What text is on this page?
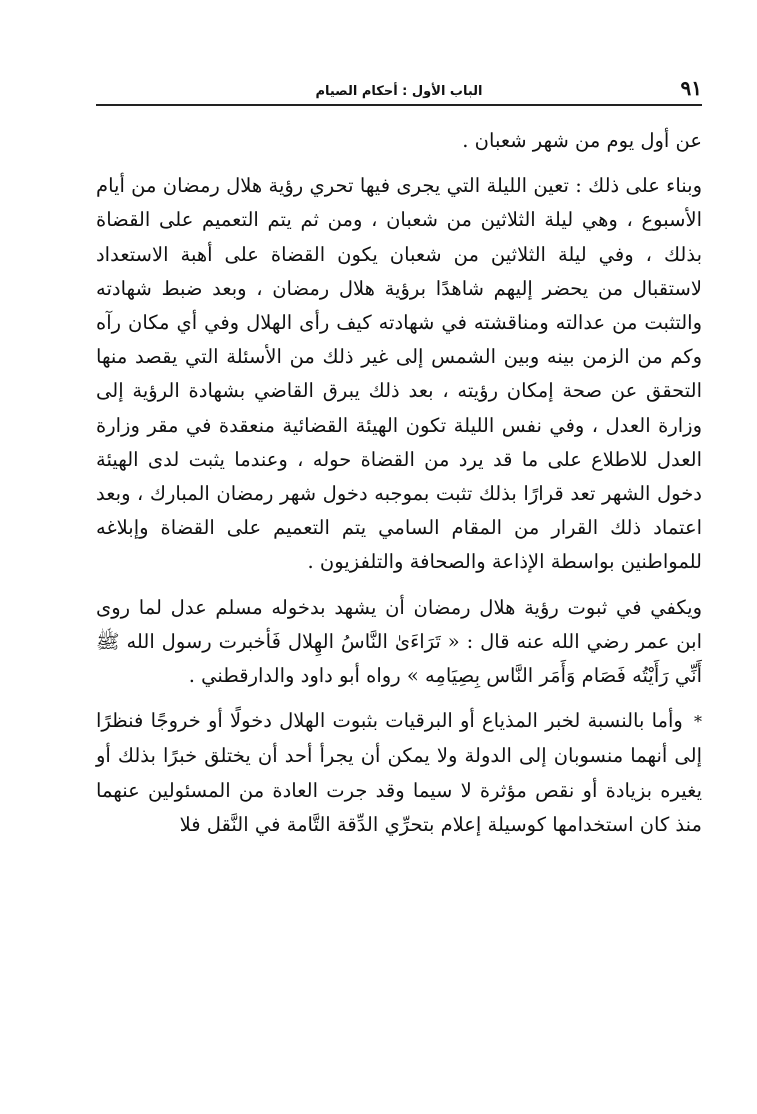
الباب الأول : أحكام الصيام	٩١

عن أول يوم من شهر شعبان .

وبناء على ذلك : تعين الليلة التي يجرى فيها تحري رؤية هلال رمضان من أيام الأسبوع ، وهي ليلة الثلاثين من شعبان ، ومن ثم يتم التعميم على القضاة بذلك ، وفي ليلة الثلاثين من شعبان يكون القضاة على أهبة الاستعداد لاستقبال من يحضر إليهم شاهدًا برؤية هلال رمضان ، وبعد ضبط شهادته والتثبت من عدالته ومناقشته في شهادته كيف رأى الهلال وفي أي مكان رآه وكم من الزمن بينه وبين الشمس إلى غير ذلك من الأسئلة التي يقصد منها التحقق عن صحة إمكان رؤيته ، بعد ذلك يبرق القاضي بشهادة الرؤية إلى وزارة العدل ، وفي نفس الليلة تكون الهيئة القضائية منعقدة في مقر وزارة العدل للاطلاع على ما قد يرد من القضاة حوله ، وعندما يثبت لدى الهيئة دخول الشهر تعد قرارًا بذلك تثبت بموجبه دخول شهر رمضان المبارك ، وبعد اعتماد ذلك القرار من المقام السامي يتم التعميم على القضاة وإبلاغه للمواطنين بواسطة الإذاعة والصحافة والتلفزيون .

ويكفي في ثبوت رؤية هلال رمضان أن يشهد بدخوله مسلم عدل لما روى ابن عمر رضي الله عنه قال : « تَرَاءَىٰ النَّاسُ الهِلال فَأخبرت رسول الله ﷺ أَنِّي رَأَيْتُه فَصَام وَأَمَر النَّاس بِصِيَامِه » رواه أبو داود والدارقطني .

* وأما بالنسبة لخبر المذياع أو البرقيات بثبوت الهلال دخولًا أو خروجًا فنظرًا إلى أنهما منسوبان إلى الدولة ولا يمكن أن يجرأ أحد أن يختلق خبرًا بذلك أو يغيره بزيادة أو نقص مؤثرة لا سيما وقد جرت العادة من المسئولين عنهما منذ كان استخدامها كوسيلة إعلام بتحرِّي الدِّقة التَّامة في النَّقل فلا
